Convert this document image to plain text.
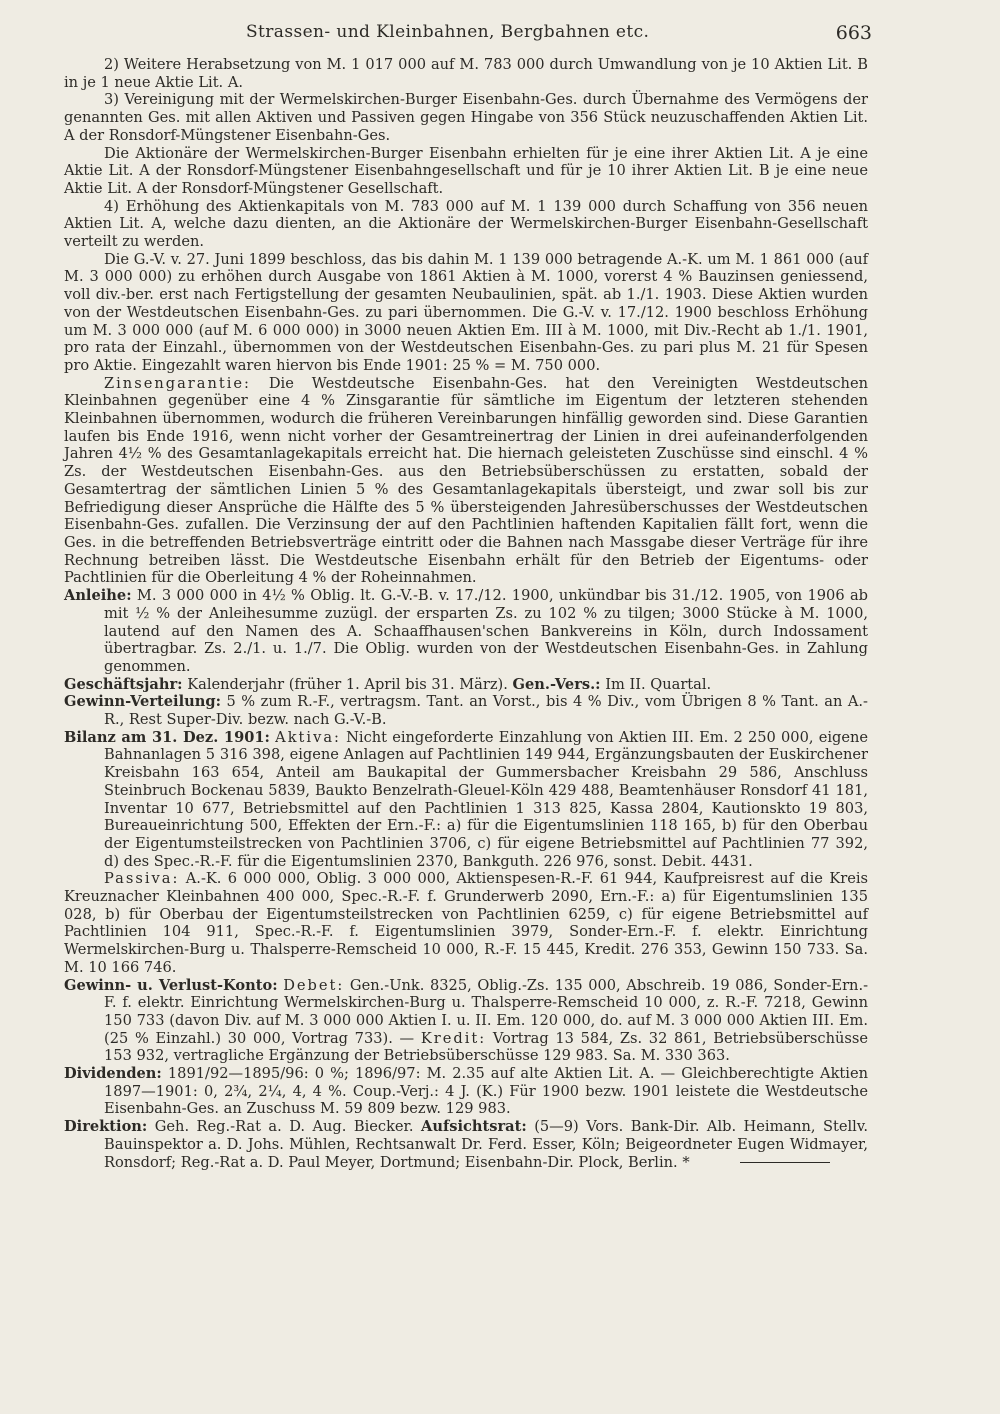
Strassen- und Kleinbahnen, Bergbahnen etc.	663

2) Weitere Herabsetzung von M. 1 017 000 auf M. 783 000 durch Umwandlung von je 10 Aktien Lit. B in je 1 neue Aktie Lit. A.

3) Vereinigung mit der Wermelskirchen-Burger Eisenbahn-Ges. durch Übernahme des Vermögens der genannten Ges. mit allen Aktiven und Passiven gegen Hingabe von 356 Stück neuzuschaffenden Aktien Lit. A der Ronsdorf-Müngstener Eisenbahn-Ges.

Die Aktionäre der Wermelskirchen-Burger Eisenbahn erhielten für je eine ihrer Aktien Lit. A je eine Aktie Lit. A der Ronsdorf-Müngstener Eisenbahngesellschaft und für je 10 ihrer Aktien Lit. B je eine neue Aktie Lit. A der Ronsdorf-Müngstener Gesellschaft.

4) Erhöhung des Aktienkapitals von M. 783 000 auf M. 1 139 000 durch Schaffung von 356 neuen Aktien Lit. A, welche dazu dienten, an die Aktionäre der Wermelskirchen-Burger Eisenbahn-Gesellschaft verteilt zu werden.

Die G.-V. v. 27. Juni 1899 beschloss, das bis dahin M. 1 139 000 betragende A.-K. um M. 1 861 000 (auf M. 3 000 000) zu erhöhen durch Ausgabe von 1861 Aktien à M. 1000, vorerst 4 % Bauzinsen geniessend, voll div.-ber. erst nach Fertigstellung der gesamten Neubaulinien, spät. ab 1./1. 1903. Diese Aktien wurden von der Westdeutschen Eisenbahn-Ges. zu pari übernommen. Die G.-V. v. 17./12. 1900 beschloss Erhöhung um M. 3 000 000 (auf M. 6 000 000) in 3000 neuen Aktien Em. III à M. 1000, mit Div.-Recht ab 1./1. 1901, pro rata der Einzahl., übernommen von der Westdeutschen Eisenbahn-Ges. zu pari plus M. 21 für Spesen pro Aktie. Eingezahlt waren hiervon bis Ende 1901: 25 % = M. 750 000.

Zinsengarantie: Die Westdeutsche Eisenbahn-Ges. hat den Vereinigten Westdeutschen Kleinbahnen gegenüber eine 4 % Zinsgarantie für sämtliche im Eigentum der letzteren stehenden Kleinbahnen übernommen, wodurch die früheren Vereinbarungen hinfällig geworden sind. Diese Garantien laufen bis Ende 1916, wenn nicht vorher der Gesamtreinertrag der Linien in drei aufeinanderfolgenden Jahren 4½ % des Gesamtanlagekapitals erreicht hat. Die hiernach geleisteten Zuschüsse sind einschl. 4 % Zs. der Westdeutschen Eisenbahn-Ges. aus den Betriebsüberschüssen zu erstatten, sobald der Gesamtertrag der sämtlichen Linien 5 % des Gesamtanlagekapitals übersteigt, und zwar soll bis zur Befriedigung dieser Ansprüche die Hälfte des 5 % übersteigenden Jahresüberschusses der Westdeutschen Eisenbahn-Ges. zufallen. Die Verzinsung der auf den Pachtlinien haftenden Kapitalien fällt fort, wenn die Ges. in die betreffenden Betriebsverträge eintritt oder die Bahnen nach Massgabe dieser Verträge für ihre Rechnung betreiben lässt. Die Westdeutsche Eisenbahn erhält für den Betrieb der Eigentums- oder Pachtlinien für die Oberleitung 4 % der Roheinnahmen.

Anleihe: M. 3 000 000 in 4½ % Oblig. lt. G.-V.-B. v. 17./12. 1900, unkündbar bis 31./12. 1905, von 1906 ab mit ½ % der Anleihesumme zuzügl. der ersparten Zs. zu 102 % zu tilgen; 3000 Stücke à M. 1000, lautend auf den Namen des A. Schaaffhausen'schen Bankvereins in Köln, durch Indossament übertragbar. Zs. 2./1. u. 1./7. Die Oblig. wurden von der Westdeutschen Eisenbahn-Ges. in Zahlung genommen.

Geschäftsjahr: Kalenderjahr (früher 1. April bis 31. März). Gen.-Vers.: Im II. Quartal.

Gewinn-Verteilung: 5 % zum R.-F., vertragsm. Tant. an Vorst., bis 4 % Div., vom Übrigen 8 % Tant. an A.-R., Rest Super-Div. bezw. nach G.-V.-B.

Bilanz am 31. Dez. 1901: Aktiva: Nicht eingeforderte Einzahlung von Aktien III. Em. 2 250 000, eigene Bahnanlagen 5 316 398, eigene Anlagen auf Pachtlinien 149 944, Ergänzungsbauten der Euskirchener Kreisbahn 163 654, Anteil am Baukapital der Gummersbacher Kreisbahn 29 586, Anschluss Steinbruch Bockenau 5839, Baukto Benzelrath-Gleuel-Köln 429 488, Beamtenhäuser Ronsdorf 41 181, Inventar 10 677, Betriebsmittel auf den Pachtlinien 1 313 825, Kassa 2804, Kautionskto 19 803, Bureaueinrichtung 500, Effekten der Ern.-F.: a) für die Eigentumslinien 118 165, b) für den Oberbau der Eigentumsteilstrecken von Pachtlinien 3706, c) für eigene Betriebsmittel auf Pachtlinien 77 392, d) des Spec.-R.-F. für die Eigentumslinien 2370, Bankguth. 226 976, sonst. Debit. 4431.

Passiva: A.-K. 6 000 000, Oblig. 3 000 000, Aktienspesen-R.-F. 61 944, Kaufpreisrest auf die Kreis Kreuznacher Kleinbahnen 400 000, Spec.-R.-F. f. Grunderwerb 2090, Ern.-F.: a) für Eigentumslinien 135 028, b) für Oberbau der Eigentumsteilstrecken von Pachtlinien 6259, c) für eigene Betriebsmittel auf Pachtlinien 104 911, Spec.-R.-F. f. Eigentumslinien 3979, Sonder-Ern.-F. f. elektr. Einrichtung Wermelskirchen-Burg u. Thalsperre-Remscheid 10 000, R.-F. 15 445, Kredit. 276 353, Gewinn 150 733. Sa. M. 10 166 746.

Gewinn- u. Verlust-Konto: Debet: Gen.-Unk. 8325, Oblig.-Zs. 135 000, Abschreib. 19 086, Sonder-Ern.-F. f. elektr. Einrichtung Wermelskirchen-Burg u. Thalsperre-Remscheid 10 000, z. R.-F. 7218, Gewinn 150 733 (davon Div. auf M. 3 000 000 Aktien I. u. II. Em. 120 000, do. auf M. 3 000 000 Aktien III. Em. (25 % Einzahl.) 30 000, Vortrag 733). — Kredit: Vortrag 13 584, Zs. 32 861, Betriebsüberschüsse 153 932, vertragliche Ergänzung der Betriebsüberschüsse 129 983. Sa. M. 330 363.

Dividenden: 1891/92—1895/96: 0 %; 1896/97: M. 2.35 auf alte Aktien Lit. A. — Gleichberechtigte Aktien 1897—1901: 0, 2¾, 2¼, 4, 4 %. Coup.-Verj.: 4 J. (K.) Für 1900 bezw. 1901 leistete die Westdeutsche Eisenbahn-Ges. an Zuschuss M. 59 809 bezw. 129 983.

Direktion: Geh. Reg.-Rat a. D. Aug. Biecker. Aufsichtsrat: (5—9) Vors. Bank-Dir. Alb. Heimann, Stellv. Bauinspektor a. D. Johs. Mühlen, Rechtsanwalt Dr. Ferd. Esser, Köln; Beigeordneter Eugen Widmayer, Ronsdorf; Reg.-Rat a. D. Paul Meyer, Dortmund; Eisenbahn-Dir. Plock, Berlin. *
